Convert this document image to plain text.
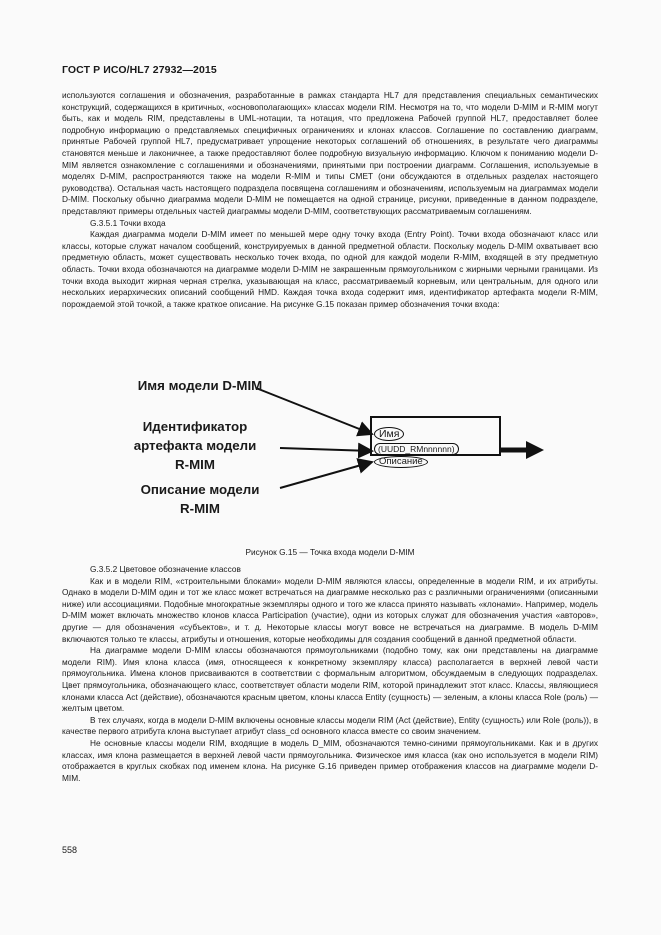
ГОСТ Р ИСО/HL7 27932—2015

используются соглашения и обозначения, разработанные в рамках стандарта HL7 для представления специальных семантических конструкций, содержащихся в критичных, «основополагающих» классах модели RIM. Несмотря на то, что модели D-MIM и R-MIM могут быть, как и модель RIM, представлены в UML-нотации, та нотация, что предложена Рабочей группой HL7, предоставляет более подробную информацию о представляемых специфичных ограничениях и клонах классов. Соглашение по составлению диаграмм, принятые Рабочей группой HL7, предусматривает упрощение некоторых соглашений об отношениях, в результате чего диаграммы становятся меньше и лаконичнее, а также предоставляют более подробную визуальную информацию. Ключом к пониманию модели D-MIM является ознакомление с соглашениями и обозначениями, принятыми при построении диаграмм. Соглашения, используемые в моделях D-MIM, распространяются также на модели R-MIM и типы CMET (они обсуждаются в отдельных разделах настоящего руководства). Остальная часть настоящего подраздела посвящена соглашениям и обозначениям, используемым на диаграммах модели D-MIM. Поскольку обычно диаграмма модели D-MIM не помещается на одной странице, рисунки, приведенные в данном подразделе, представляют примеры отдельных частей диаграммы модели D-MIM, соответствующих рассматриваемым соглашениям.

G.3.5.1 Точки входа

Каждая диаграмма модели D-MIM имеет по меньшей мере одну точку входа (Entry Point). Точки входа обозначают класс или классы, которые служат началом сообщений, конструируемых в данной предметной области. Поскольку модель D-MIM охватывает всю предметную область, может существовать несколько точек входа, по одной для каждой модели R-MIM, входящей в эту предметную область. Точки входа обозначаются на диаграмме модели D-MIM не закрашенным прямоугольником с жирными черными границами. Из точки входа выходит жирная черная стрелка, указывающая на класс, рассматриваемый корневым, или центральным, для одного или нескольких иерархических описаний сообщений HMD. Каждая точка входа содержит имя, идентификатор артефакта модели R-MIM, порождаемой этой точкой, а также краткое описание. На рисунке G.15 показан пример обозначения точки входа:

Имя модели D-MIM
Идентификатор
артефакта модели
R-MIM
Описание модели
R-MIM
Имя
(UUDD_RMnnnnnn)
Описание
Рисунок G.15 — Точка входа модели D-MIM

G.3.5.2 Цветовое обозначение классов

Как и в модели RIM, «строительными блоками» модели D-MIM являются классы, определенные в модели RIM, и их атрибуты. Однако в модели D-MIM один и тот же класс может встречаться на диаграмме несколько раз с различными ограничениями (описанными ниже) или ассоциациями. Подобные многократные экземпляры одного и того же класса принято называть «клонами». Например, модель D-MIM может включать множество клонов класса Participation (участие), одни из которых служат для обозначения участия «авторов», другие — для обозначения «субъектов», и т. д. Некоторые классы могут вовсе не встречаться на диаграмме. В модель D-MIM включаются только те классы, атрибуты и отношения, которые необходимы для создания сообщений в данной предметной области.

На диаграмме модели D-MIM классы обозначаются прямоугольниками (подобно тому, как они представлены на диаграмме модели RIM). Имя клона класса (имя, относящееся к конкретному экземпляру класса) располагается в верхней левой части прямоугольника. Имена клонов присваиваются в соответствии с формальным алгоритмом, обсуждаемым в следующих подразделах. Цвет прямоугольника, обозначающего класс, соответствует области модели RIM, которой принадлежит этот класс. Классы, являющиеся клонами класса Act (действие), обозначаются красным цветом, клоны класса Entity (сущность) — зеленым, а клоны класса Role (роль) — желтым цветом.

В тех случаях, когда в модели D-MIM включены основные классы модели RIM (Act (действие), Entity (сущность) или Role (роль)), в качестве первого атрибута клона выступает атрибут class_cd основного класса вместе со своим значением.

Не основные классы модели RIM, входящие в модель D_MIM, обозначаются темно-синими прямоугольниками. Как и в других классах, имя клона размещается в верхней левой части прямоугольника. Физическое имя класса (как оно используется в модели RIM) отображается в круглых скобках под именем клона. На рисунке G.16 приведен пример отображения классов на диаграмме модели D-MIM.

558
